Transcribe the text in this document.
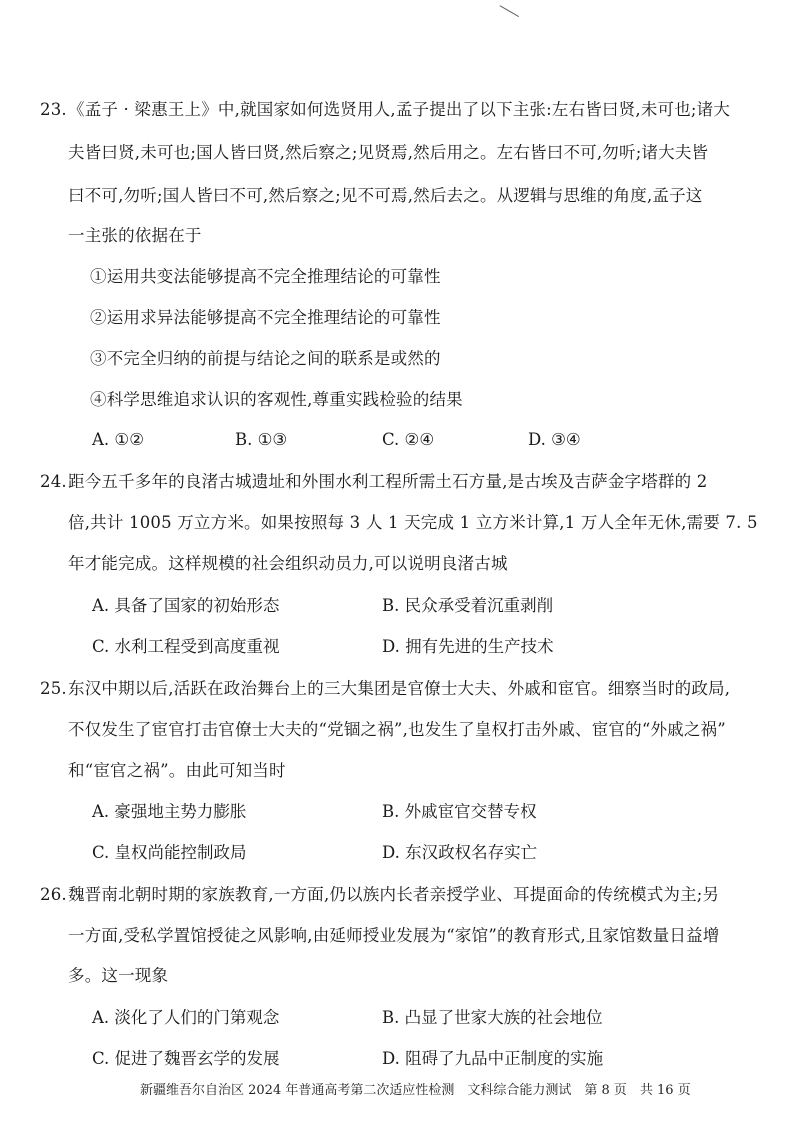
23. 《孟子 · 梁惠王上》中,就国家如何选贤用人,孟子提出了以下主张:左右皆曰贤,未可也;诸大
夫皆曰贤,未可也;国人皆曰贤,然后察之;见贤焉,然后用之。左右皆曰不可,勿听;诸大夫皆
曰不可,勿听;国人皆曰不可,然后察之;见不可焉,然后去之。从逻辑与思维的角度,孟子这
一主张的依据在于
①运用共变法能够提高不完全推理结论的可靠性
②运用求异法能够提高不完全推理结论的可靠性
③不完全归纳的前提与结论之间的联系是或然的
④科学思维追求认识的客观性,尊重实践检验的结果
A. ①②	B. ①③	C. ②④	D. ③④
24. 距今五千多年的良渚古城遗址和外围水利工程所需土石方量,是古埃及吉萨金字塔群的 2
倍,共计 1005 万立方米。如果按照每 3 人 1 天完成 1 立方米计算,1 万人全年无休,需要 7. 5
年才能完成。这样规模的社会组织动员力,可以说明良渚古城
A. 具备了国家的初始形态	B. 民众承受着沉重剥削
C. 水利工程受到高度重视	D. 拥有先进的生产技术
25. 东汉中期以后,活跃在政治舞台上的三大集团是官僚士大夫、外戚和宦官。细察当时的政局,
不仅发生了宦官打击官僚士大夫的“党锢之祸”,也发生了皇权打击外戚、宦官的“外戚之祸”
和“宦官之祸”。由此可知当时
A. 豪强地主势力膨胀	B. 外戚宦官交替专权
C. 皇权尚能控制政局	D. 东汉政权名存实亡
26. 魏晋南北朝时期的家族教育,一方面,仍以族内长者亲授学业、耳提面命的传统模式为主;另
一方面,受私学置馆授徒之风影响,由延师授业发展为“家馆”的教育形式,且家馆数量日益增
多。这一现象
A. 淡化了人们的门第观念	B. 凸显了世家大族的社会地位
C. 促进了魏晋玄学的发展	D. 阻碍了九品中正制度的实施
新疆维吾尔自治区 2024 年普通高考第二次适应性检测　文科综合能力测试　第 8 页　共 16 页
